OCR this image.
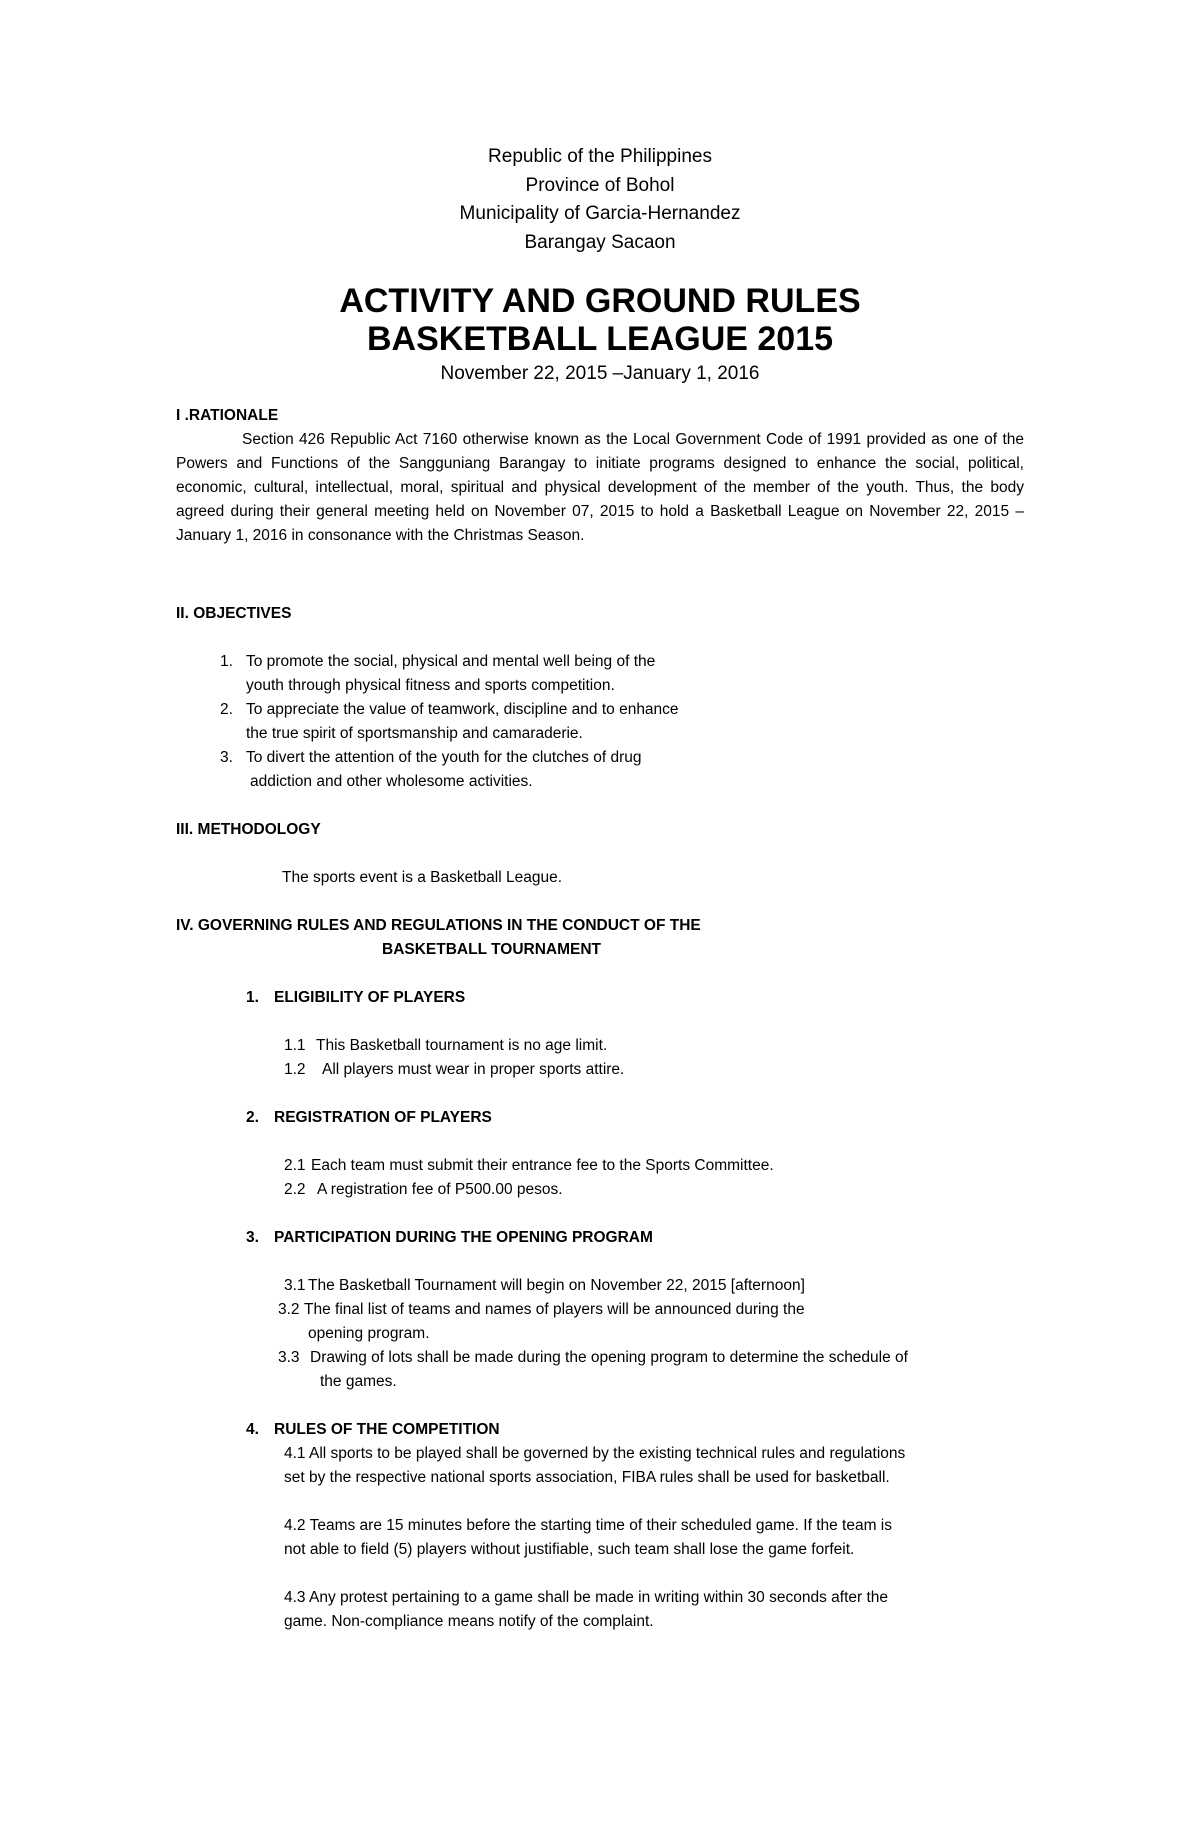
Republic of the Philippines
Province of Bohol
Municipality of Garcia-Hernandez
Barangay Sacaon
ACTIVITY AND GROUND RULES
BASKETBALL LEAGUE 2015
November 22, 2015 –January 1, 2016
I .RATIONALE
Section 426 Republic Act 7160 otherwise known as the Local Government Code of 1991 provided as one of the Powers and Functions of the Sangguniang Barangay to initiate programs designed to enhance the social, political, economic, cultural, intellectual, moral, spiritual and physical development of the member of the youth. Thus, the body agreed during their general meeting held on November 07, 2015 to hold a Basketball League on November 22, 2015 – January 1, 2016 in consonance with the Christmas Season.
II. OBJECTIVES
1. To promote the social, physical and mental well being of the
youth through physical fitness and sports competition.
2. To appreciate the value of teamwork, discipline and to enhance
the true spirit of sportsmanship and camaraderie.
3. To divert the attention of the youth for the clutches of drug
addiction and other wholesome activities.
III. METHODOLOGY
The sports event is a Basketball League.
IV. GOVERNING RULES AND REGULATIONS IN THE CONDUCT OF THE
BASKETBALL TOURNAMENT
1. ELIGIBILITY OF PLAYERS
1.1 This Basketball tournament is no age limit.
1.2 All players must wear in proper sports attire.
2. REGISTRATION OF PLAYERS
2.1 Each team must submit their entrance fee to the Sports Committee.
2.2 A registration fee of P500.00 pesos.
3. PARTICIPATION DURING THE OPENING PROGRAM
3.1 The Basketball Tournament will begin on November 22, 2015 [afternoon]
3.2 The final list of teams and names of players will be announced during the
opening program.
3.3 Drawing of lots shall be made during the opening program to determine the schedule of
the games.
4. RULES OF THE COMPETITION
4.1 All sports to be played shall be governed by the existing technical rules and regulations
set by the respective national sports association, FIBA rules shall be used for basketball.
4.2 Teams are 15 minutes before the starting time of their scheduled game. If the team is
not able to field (5) players without justifiable, such team shall lose the game forfeit.
4.3 Any protest pertaining to a game shall be made in writing within 30 seconds after the
game. Non-compliance means notify of the complaint.
